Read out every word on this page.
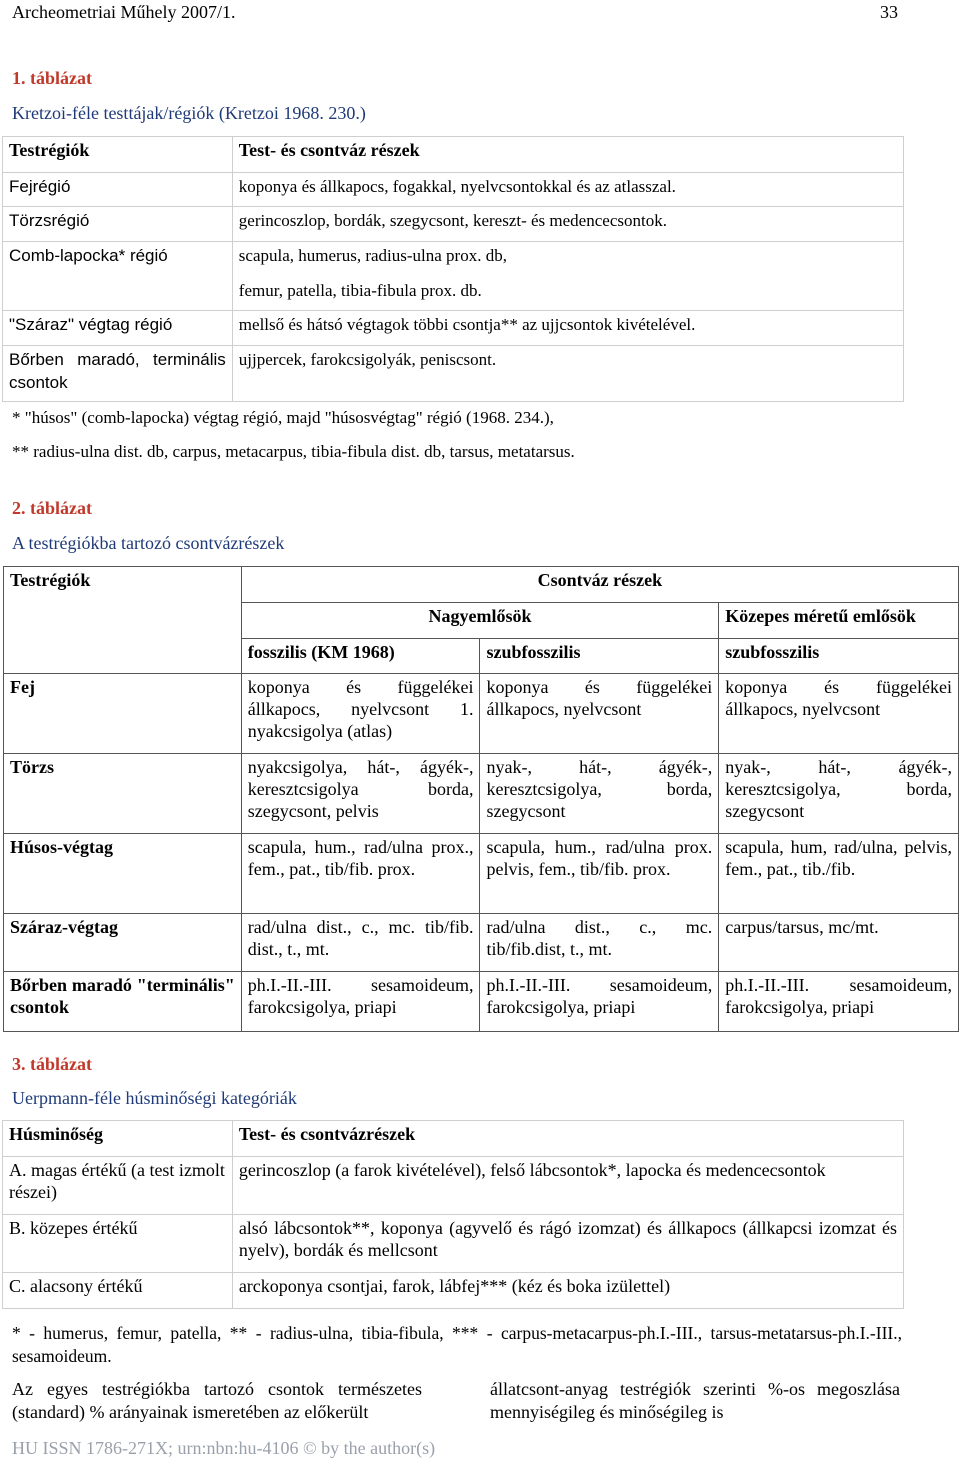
Archeometriai Műhely 2007/1.	33
1. táblázat
Kretzoi-féle testtájak/régiók (Kretzoi 1968. 230.)
Testrégiók	Test- és csontváz részek
Fejrégió	koponya és állkapocs, fogakkal, nyelvcsontokkal és az atlasszal.
Törzsrégió	gerincoszlop, bordák, szegycsont, kereszt- és medencecsontok.
Comb-lapocka* régió	scapula, humerus, radius-ulna prox. db,
	femur, patella, tibia-fibula prox. db.
"Száraz" végtag régió	mellső és hátsó végtagok többi csontja** az ujjcsontok kivételével.
Bőrben maradó, terminális csontok	ujjpercek, farokcsigolyák, peniscsont.
* "húsos" (comb-lapocka) végtag régió, majd "húsosvégtag" régió (1968. 234.),
** radius-ulna dist. db, carpus, metacarpus, tibia-fibula dist. db, tarsus, metatarsus.
2. táblázat
A testrégiókba tartozó csontvázrészek
Testrégiók	Csontváz részek		
	Nagyemlősök		Közepes méretű emlősök
	fosszilis (KM 1968)	szubfosszilis	szubfosszilis
Fej	koponya és függelékei állkapocs, nyelvcsont 1. nyakcsigolya (atlas)	koponya és függelékei állkapocs, nyelvcsont	koponya és függelékei állkapocs, nyelvcsont
Törzs	nyakcsigolya, hát-, ágyék-, keresztcsigolya borda, szegycsont, pelvis	nyak-, hát-, ágyék-, keresztcsigolya, borda, szegycsont	nyak-, hát-, ágyék-, keresztcsigolya, borda, szegycsont
Húsos-végtag	scapula, hum., rad/ulna prox., fem., pat., tib/fib. prox.	scapula, hum., rad/ulna prox. pelvis, fem., tib/fib. prox.	scapula, hum, rad/ulna, pelvis, fem., pat., tib./fib.
Száraz-végtag	rad/ulna dist., c., mc. tib/fib. dist., t., mt.	rad/ulna dist., c., mc. tib/fib.dist, t., mt.	carpus/tarsus, mc/mt.
Bőrben maradó "terminális" csontok	ph.I.-II.-III. sesamoideum, farokcsigolya, priapi	ph.I.-II.-III. sesamoideum, farokcsigolya, priapi	ph.I.-II.-III. sesamoideum, farokcsigolya, priapi
3. táblázat
Uerpmann-féle húsminőségi kategóriák
Húsminőség	Test- és csontvázrészek
A. magas értékű (a test izmolt részei)	gerincoszlop (a farok kivételével), felső lábcsontok*, lapocka és medencecsontok
B. közepes értékű	alsó lábcsontok**, koponya (agyvelő és rágó izomzat) és állkapocs (állkapcsi izomzat és nyelv), bordák és mellcsont
C. alacsony értékű	arckoponya csontjai, farok, lábfej*** (kéz és boka izülettel)
* - humerus, femur, patella, ** - radius-ulna, tibia-fibula, *** - carpus-metacarpus-ph.I.-III., tarsus-metatarsus-ph.I.-III., sesamoideum.
Az egyes testrégiókba tartozó csontok természetes (standard) % arányainak ismeretében az előkerült
állatcsont-anyag testrégiók szerinti %-os megoszlása mennyiségileg és minőségileg is
HU ISSN 1786-271X; urn:nbn:hu-4106 © by the author(s)
